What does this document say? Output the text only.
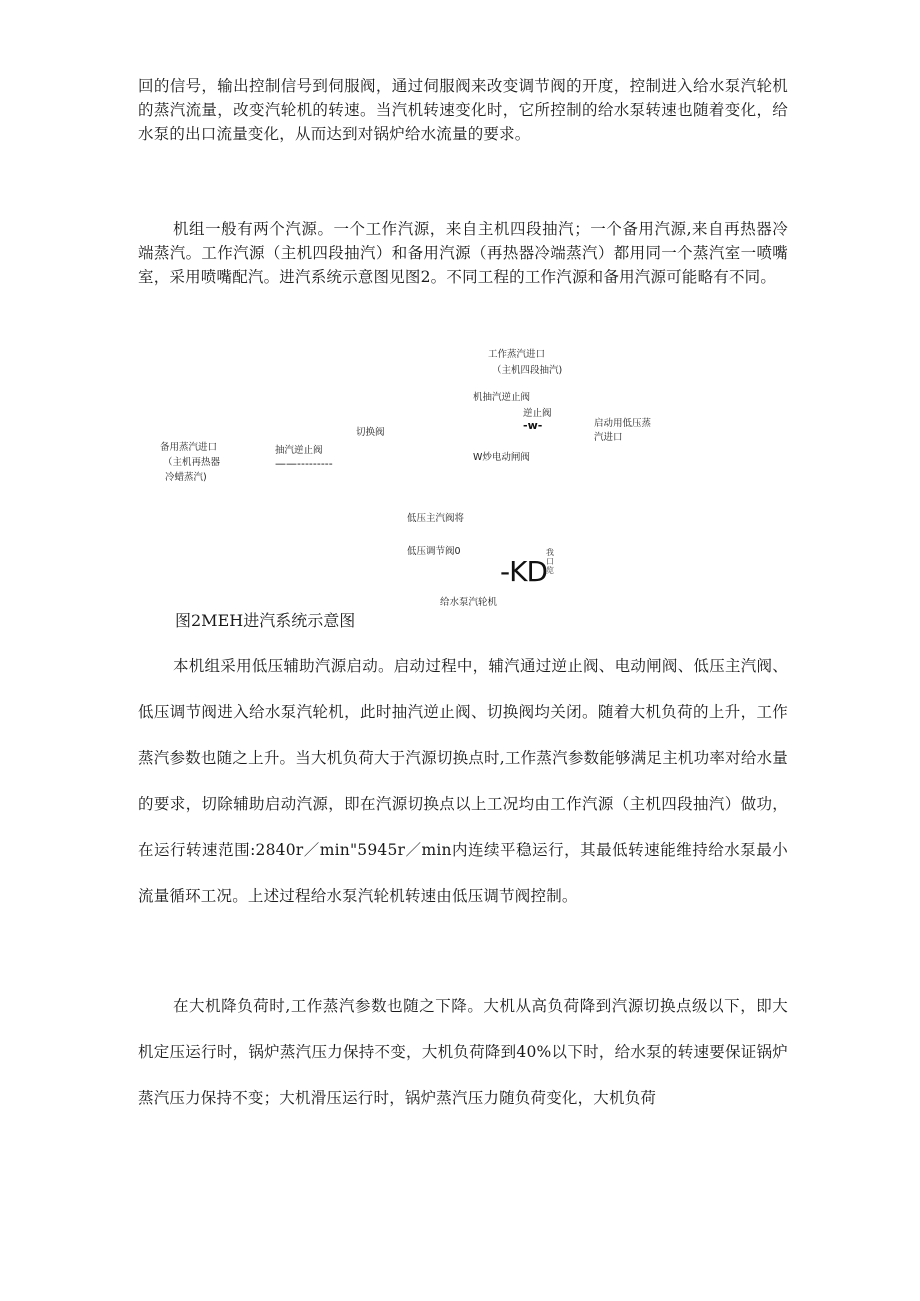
回的信号，输出控制信号到伺服阀，通过伺服阀来改变调节阀的开度，控制进入给水泵汽轮机的蒸汽流量，改变汽轮机的转速。当汽机转速变化时，它所控制的给水泵转速也随着变化，给水泵的出口流量变化，从而达到对锅炉给水流量的要求。

机组一般有两个汽源。一个工作汽源，来自主机四段抽汽；一个备用汽源,来自再热器冷端蒸汽。工作汽源（主机四段抽汽）和备用汽源（再热器冷端蒸汽）都用同一个蒸汽室一喷嘴室，采用喷嘴配汽。进汽系统示意图见图2。不同工程的工作汽源和备用汽源可能略有不同。

工作蒸汽进口
（主机四段抽汽)
机抽汽逆止阀
逆止阀
-w-	启动用低压蒸
汽进口
切换阀
备用蒸汽进口
（主机再热器
冷蜡蒸汽)
抽汽逆止阀
——---------	W炒电动闸阀
低压主汽阀将
低压调节阀0
-KD
我口览
给水泵汽轮机
图2MEH进汽系统示意图

本机组采用低压辅助汽源启动。启动过程中，辅汽通过逆止阀、电动闸阀、低压主汽阀、低压调节阀进入给水泵汽轮机，此时抽汽逆止阀、切换阀均关闭。随着大机负荷的上升，工作蒸汽参数也随之上升。当大机负荷大于汽源切换点时,工作蒸汽参数能够满足主机功率对给水量的要求，切除辅助启动汽源，即在汽源切换点以上工况均由工作汽源（主机四段抽汽）做功，在运行转速范围:2840r／min"5945r／min内连续平稳运行，其最低转速能维持给水泵最小流量循环工况。上述过程给水泵汽轮机转速由低压调节阀控制。

在大机降负荷时,工作蒸汽参数也随之下降。大机从高负荷降到汽源切换点级以下，即大机定压运行时，锅炉蒸汽压力保持不变，大机负荷降到40%以下时，给水泵的转速要保证锅炉蒸汽压力保持不变；大机滑压运行时，锅炉蒸汽压力随负荷变化，大机负荷
